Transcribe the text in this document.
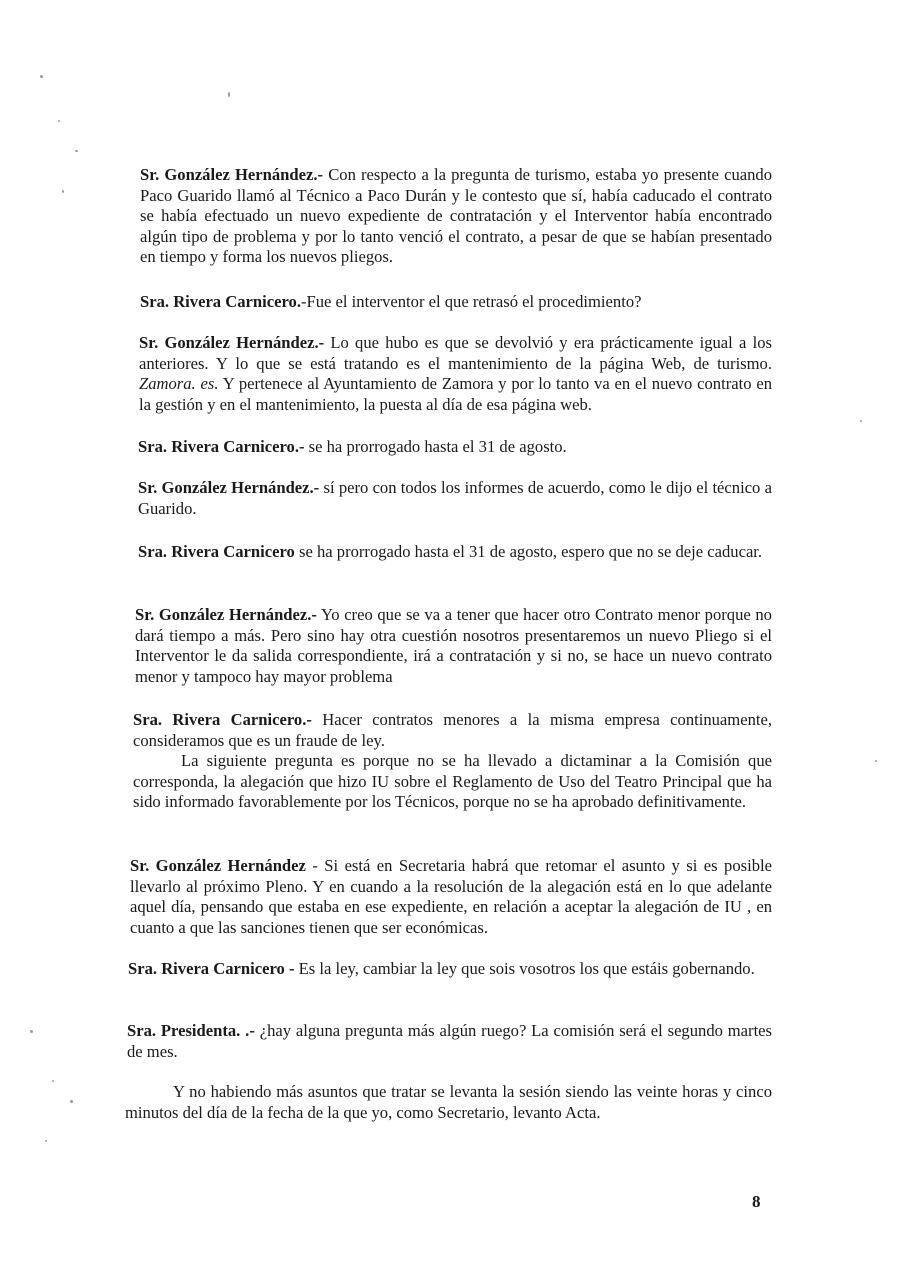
Sr. González Hernández.- Con respecto a la pregunta de turismo, estaba yo presente cuando Paco Guarido llamó al Técnico a Paco Durán y le contesto que sí, había caducado el contrato se había efectuado un nuevo expediente de contratación y el Interventor había encontrado algún tipo de problema y por lo tanto venció el contrato, a pesar de que se habían presentado en tiempo y forma los nuevos pliegos.

Sra. Rivera Carnicero.-Fue el interventor el que retrasó el procedimiento?

Sr. González Hernández.- Lo que hubo es que se devolvió y era prácticamente igual a los anteriores. Y lo que se está tratando es el mantenimiento de la página Web, de turismo. Zamora. es. Y pertenece al Ayuntamiento de Zamora y por lo tanto va en el nuevo contrato en la gestión y en el mantenimiento, la puesta al día de esa página web.

Sra. Rivera Carnicero.- se ha prorrogado hasta el 31 de agosto.

Sr. González Hernández.- sí pero con todos los informes de acuerdo, como le dijo el técnico a Guarido.

Sra. Rivera Carnicero se ha prorrogado hasta el 31 de agosto, espero que no se deje caducar.

Sr. González Hernández.- Yo creo que se va a tener que hacer otro Contrato menor porque no dará tiempo a más. Pero sino hay otra cuestión nosotros presentaremos un nuevo Pliego si el Interventor le da salida correspondiente, irá a contratación y si no, se hace un nuevo contrato menor y tampoco hay mayor problema

Sra. Rivera Carnicero.- Hacer contratos menores a la misma empresa continuamente, consideramos que es un fraude de ley.

La siguiente pregunta es porque no se ha llevado a dictaminar a la Comisión que corresponda, la alegación que hizo IU sobre el Reglamento de Uso del Teatro Principal que ha sido informado favorablemente por los Técnicos, porque no se ha aprobado definitivamente.

Sr. González Hernández - Si está en Secretaria habrá que retomar el asunto y si es posible llevarlo al próximo Pleno. Y en cuando a la resolución de la alegación está en lo que adelante aquel día, pensando que estaba en ese expediente, en relación a aceptar la alegación de IU , en cuanto a que las sanciones tienen que ser económicas.

Sra. Rivera Carnicero - Es la ley, cambiar la ley que sois vosotros los que estáis gobernando.

Sra. Presidenta. .- ¿hay alguna pregunta más algún ruego? La comisión será el segundo martes de mes.

Y no habiendo más asuntos que tratar se levanta la sesión siendo las veinte horas y cinco minutos del día de la fecha de la que yo, como Secretario, levanto Acta.

8
